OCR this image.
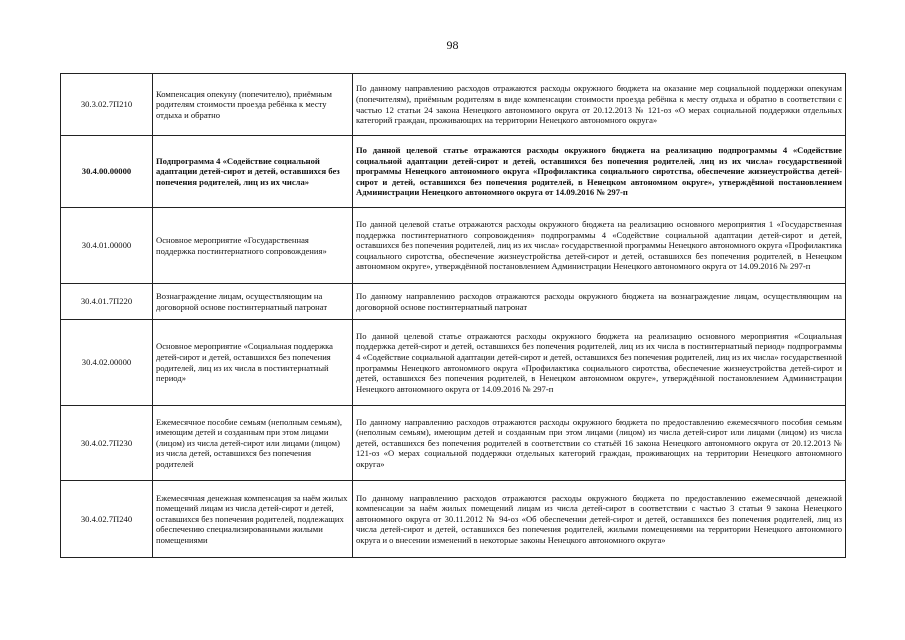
98
30.3.02.7П210	Компенсация опекуну (попечителю), приёмным родителям стоимости проезда ребёнка к месту отдыха и обратно	По данному направлению расходов отражаются расходы окружного бюджета на оказание мер социальной поддержки опекунам (попечителям), приёмным родителям в виде компенсации стоимости проезда ребёнка к месту отдыха и обратно в соответствии с частью 12 статьи 24 закона Ненецкого автономного округа от 20.12.2013 № 121-оз «О мерах социальной поддержки отдельных категорий граждан, проживающих на территории Ненецкого автономного округа»
30.4.00.00000	Подпрограмма 4 «Содействие социальной адаптации детей-сирот и детей, оставшихся без попечения родителей, лиц из их числа»	По данной целевой статье отражаются расходы окружного бюджета на реализацию подпрограммы 4 «Содействие социальной адаптации детей-сирот и детей, оставшихся без попечения родителей, лиц из их числа» государственной программы Ненецкого автономного округа «Профилактика социального сиротства, обеспечение жизнеустройства детей-сирот и детей, оставшихся без попечения родителей, в Ненецком автономном округе», утверждённой постановлением Администрации Ненецкого автономного округа от 14.09.2016 № 297-п
30.4.01.00000	Основное мероприятие «Государственная поддержка постинтернатного сопровождения»	По данной целевой статье отражаются расходы окружного бюджета на реализацию основного мероприятия 1 «Государственная поддержка постинтернатного сопровождения» подпрограммы 4 «Содействие социальной адаптации детей-сирот и детей, оставшихся без попечения родителей, лиц из их числа» государственной программы Ненецкого автономного округа «Профилактика социального сиротства, обеспечение жизнеустройства детей-сирот и детей, оставшихся без попечения родителей, в Ненецком автономном округе», утверждённой постановлением Администрации Ненецкого автономного округа от 14.09.2016 № 297-п
30.4.01.7П220	Вознаграждение лицам, осуществляющим на договорной основе постинтернатный патронат	По данному направлению расходов отражаются расходы окружного бюджета на вознаграждение лицам, осуществляющим на договорной основе постинтернатный патронат
30.4.02.00000	Основное мероприятие «Социальная поддержка детей-сирот и детей, оставшихся без попечения родителей, лиц из их числа в постинтернатный период»	По данной целевой статье отражаются расходы окружного бюджета на реализацию основного мероприятия «Социальная поддержка детей-сирот и детей, оставшихся без попечения родителей, лиц из их числа в постинтернатный период» подпрограммы 4 «Содействие социальной адаптации детей-сирот и детей, оставшихся без попечения родителей, лиц из их числа» государственной программы Ненецкого автономного округа «Профилактика социального сиротства, обеспечение жизнеустройства детей-сирот и детей, оставшихся без попечения родителей, в Ненецком автономном округе», утверждённой постановлением Администрации Ненецкого автономного округа от 14.09.2016 № 297-п
30.4.02.7П230	Ежемесячное пособие семьям (неполным семьям), имеющим детей и созданным при этом лицами (лицом) из числа детей-сирот или лицами (лицом) из числа детей, оставшихся без попечения родителей	По данному направлению расходов отражаются расходы окружного бюджета по предоставлению ежемесячного пособия семьям (неполным семьям), имеющим детей и созданным при этом лицами (лицом) из числа детей-сирот или лицами (лицом) из числа детей, оставшихся без попечения родителей в соответствии со статьёй 16 закона Ненецкого автономного округа от 20.12.2013 № 121-оз «О мерах социальной поддержки отдельных категорий граждан, проживающих на территории Ненецкого автономного округа»
30.4.02.7П240	Ежемесячная денежная компенсация за наём жилых помещений лицам из числа детей-сирот и детей, оставшихся без попечения родителей, подлежащих обеспечению специализированными жилыми помещениями	По данному направлению расходов отражаются расходы окружного бюджета по предоставлению ежемесячной денежной компенсации за наём жилых помещений лицам из числа детей-сирот в соответствии с частью 3 статьи 9 закона Ненецкого автономного округа от 30.11.2012 № 94-оз «Об обеспечении детей-сирот и детей, оставшихся без попечения родителей, лиц из числа детей-сирот и детей, оставшихся без попечения родителей, жилыми помещениями на территории Ненецкого автономного округа и о внесении изменений в некоторые законы Ненецкого автономного округа»
